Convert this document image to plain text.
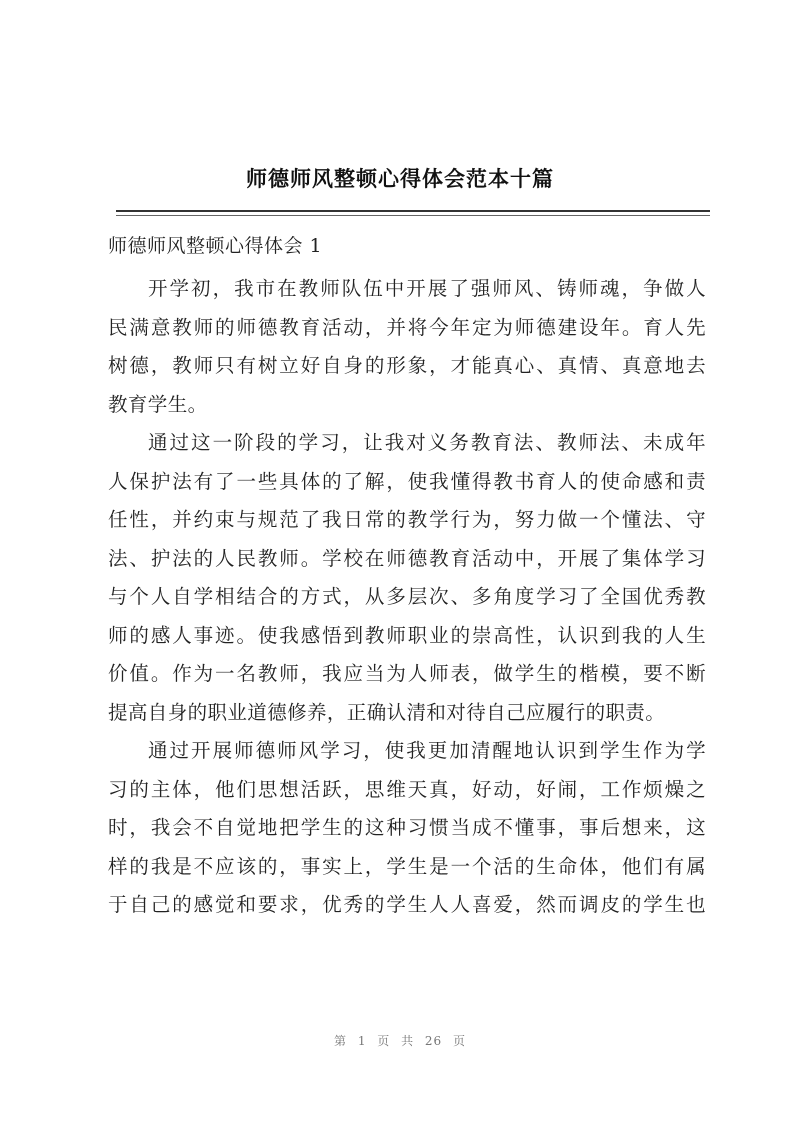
师德师风整顿心得体会范本十篇
师德师风整顿心得体会 1
开学初，我市在教师队伍中开展了强师风、铸师魂，争做人
民满意教师的师德教育活动，并将今年定为师德建设年。育人先
树德，教师只有树立好自身的形象，才能真心、真情、真意地去
教育学生。
通过这一阶段的学习，让我对义务教育法、教师法、未成年
人保护法有了一些具体的了解，使我懂得教书育人的使命感和责
任性，并约束与规范了我日常的教学行为，努力做一个懂法、守
法、护法的人民教师。学校在师德教育活动中，开展了集体学习
与个人自学相结合的方式，从多层次、多角度学习了全国优秀教
师的感人事迹。使我感悟到教师职业的崇高性，认识到我的人生
价值。作为一名教师，我应当为人师表，做学生的楷模，要不断
提高自身的职业道德修养，正确认清和对待自己应履行的职责。
通过开展师德师风学习，使我更加清醒地认识到学生作为学
习的主体，他们思想活跃，思维天真，好动，好闹，工作烦燥之
时，我会不自觉地把学生的这种习惯当成不懂事，事后想来，这
样的我是不应该的，事实上，学生是一个活的生命体，他们有属
于自己的感觉和要求，优秀的学生人人喜爱，然而调皮的学生也
第 1 页 共 26 页
